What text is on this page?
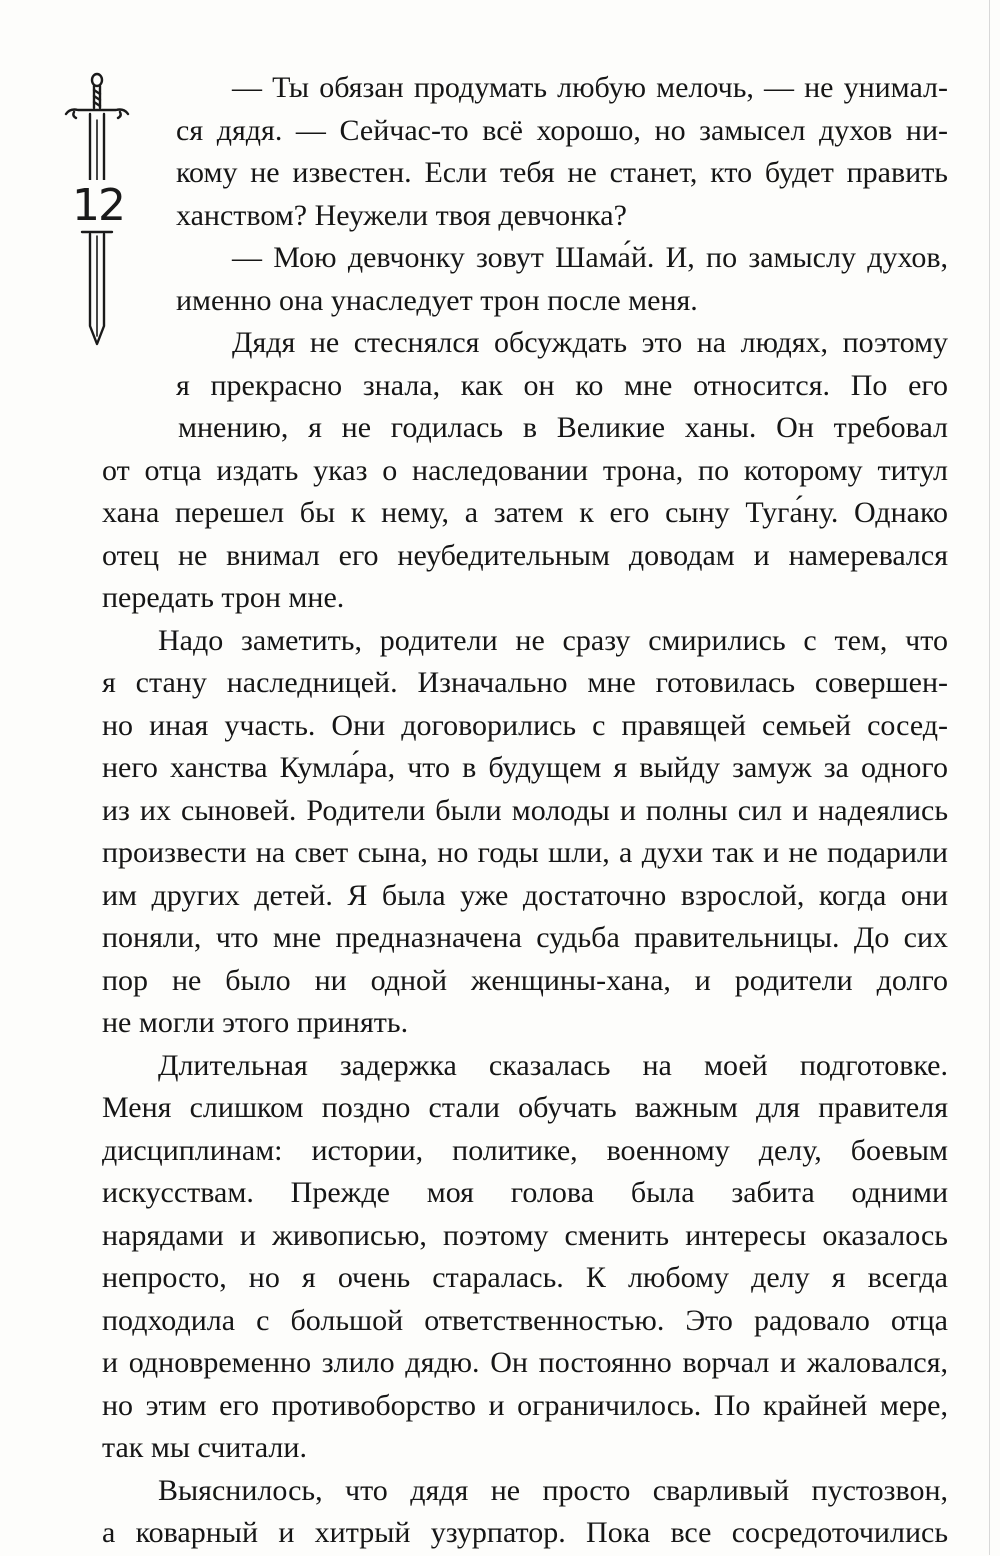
12
— Ты обязан продумать любую мелочь, — не унимал-
ся дядя. — Сейчас-то всё хорошо, но замысел духов ни-
кому не известен. Если тебя не станет, кто будет править
ханством? Неужели твоя девчонка?
— Мою девчонку зовут Шама́й. И, по замыслу духов,
именно она унаследует трон после меня.
Дядя не стеснялся обсуждать это на людях, поэтому
я прекрасно знала, как он ко мне относится. По его
мнению, я не годилась в Великие ханы. Он требовал
от отца издать указ о наследовании трона, по которому титул
хана перешел бы к нему, а затем к его сыну Туга́ну. Однако
отец не внимал его неубедительным доводам и намеревался
передать трон мне.
Надо заметить, родители не сразу смирились с тем, что
я стану наследницей. Изначально мне готовилась совершен-
но иная участь. Они договорились с правящей семьей сосед-
него ханства Кумла́ра, что в будущем я выйду замуж за одного
из их сыновей. Родители были молоды и полны сил и надеялись
произвести на свет сына, но годы шли, а духи так и не подарили
им других детей. Я была уже достаточно взрослой, когда они
поняли, что мне предназначена судьба правительницы. До сих
пор не было ни одной женщины-хана, и родители долго
не могли этого принять.
Длительная задержка сказалась на моей подготовке.
Меня слишком поздно стали обучать важным для правителя
дисциплинам: истории, политике, военному делу, боевым
искусствам. Прежде моя голова была забита одними
нарядами и живописью, поэтому сменить интересы оказалось
непросто, но я очень старалась. К любому делу я всегда
подходила с большой ответственностью. Это радовало отца
и одновременно злило дядю. Он постоянно ворчал и жаловался,
но этим его противоборство и ограничилось. По крайней мере,
так мы считали.
Выяснилось, что дядя не просто сварливый пустозвон,
а коварный и хитрый узурпатор. Пока все сосредоточились
